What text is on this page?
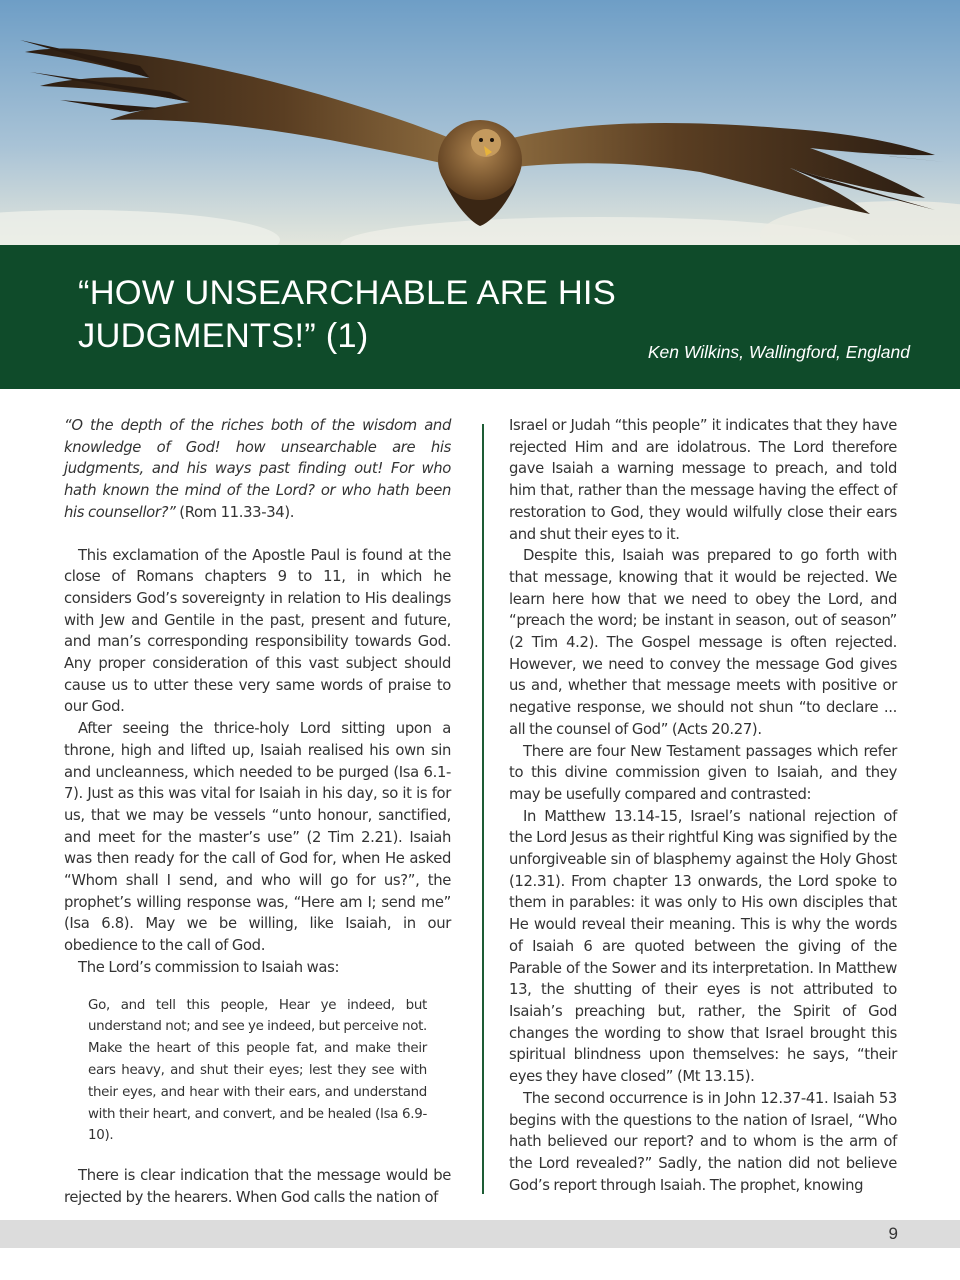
“HOW UNSEARCHABLE ARE HIS JUDGMENTS!” (1)	Ken Wilkins, Wallingford, England

“O the depth of the riches both of the wisdom and knowledge of God! how unsearchable are his judgments, and his ways past finding out! For who hath known the mind of the Lord? or who hath been his counsellor?” (Rom 11.33-34).

This exclamation of the Apostle Paul is found at the close of Romans chapters 9 to 11, in which he considers God’s sovereignty in relation to His dealings with Jew and Gentile in the past, present and future, and man’s corresponding responsibility towards God. Any proper consideration of this vast subject should cause us to utter these very same words of praise to our God.

After seeing the thrice-holy Lord sitting upon a throne, high and lifted up, Isaiah realised his own sin and uncleanness, which needed to be purged (Isa 6.1-7). Just as this was vital for Isaiah in his day, so it is for us, that we may be vessels “unto honour, sanctified, and meet for the master’s use” (2 Tim 2.21). Isaiah was then ready for the call of God for, when He asked “Whom shall I send, and who will go for us?”, the prophet’s willing response was, “Here am I; send me” (Isa 6.8). May we be willing, like Isaiah, in our obedience to the call of God.

The Lord’s commission to Isaiah was:

Go, and tell this people, Hear ye indeed, but understand not; and see ye indeed, but perceive not. Make the heart of this people fat, and make their ears heavy, and shut their eyes; lest they see with their eyes, and hear with their ears, and understand with their heart, and convert, and be healed (Isa 6.9-10).

There is clear indication that the message would be rejected by the hearers. When God calls the nation of

Israel or Judah “this people” it indicates that they have rejected Him and are idolatrous. The Lord therefore gave Isaiah a warning message to preach, and told him that, rather than the message having the effect of restoration to God, they would wilfully close their ears and shut their eyes to it.

Despite this, Isaiah was prepared to go forth with that message, knowing that it would be rejected. We learn here how that we need to obey the Lord, and “preach the word; be instant in season, out of season” (2 Tim 4.2). The Gospel message is often rejected. However, we need to convey the message God gives us and, whether that message meets with positive or negative response, we should not shun “to declare ... all the counsel of God” (Acts 20.27).

There are four New Testament passages which refer to this divine commission given to Isaiah, and they may be usefully compared and contrasted:

In Matthew 13.14-15, Israel’s national rejection of the Lord Jesus as their rightful King was signified by the unforgiveable sin of blasphemy against the Holy Ghost (12.31). From chapter 13 onwards, the Lord spoke to them in parables: it was only to His own disciples that He would reveal their meaning. This is why the words of Isaiah 6 are quoted between the giving of the Parable of the Sower and its interpretation. In Matthew 13, the shutting of their eyes is not attributed to Isaiah’s preaching but, rather, the Spirit of God changes the wording to show that Israel brought this spiritual blindness upon themselves: he says, “their eyes they have closed” (Mt 13.15).

The second occurrence is in John 12.37-41. Isaiah 53 begins with the questions to the nation of Israel, “Who hath believed our report? and to whom is the arm of the Lord revealed?” Sadly, the nation did not believe God’s report through Isaiah. The prophet, knowing

9
